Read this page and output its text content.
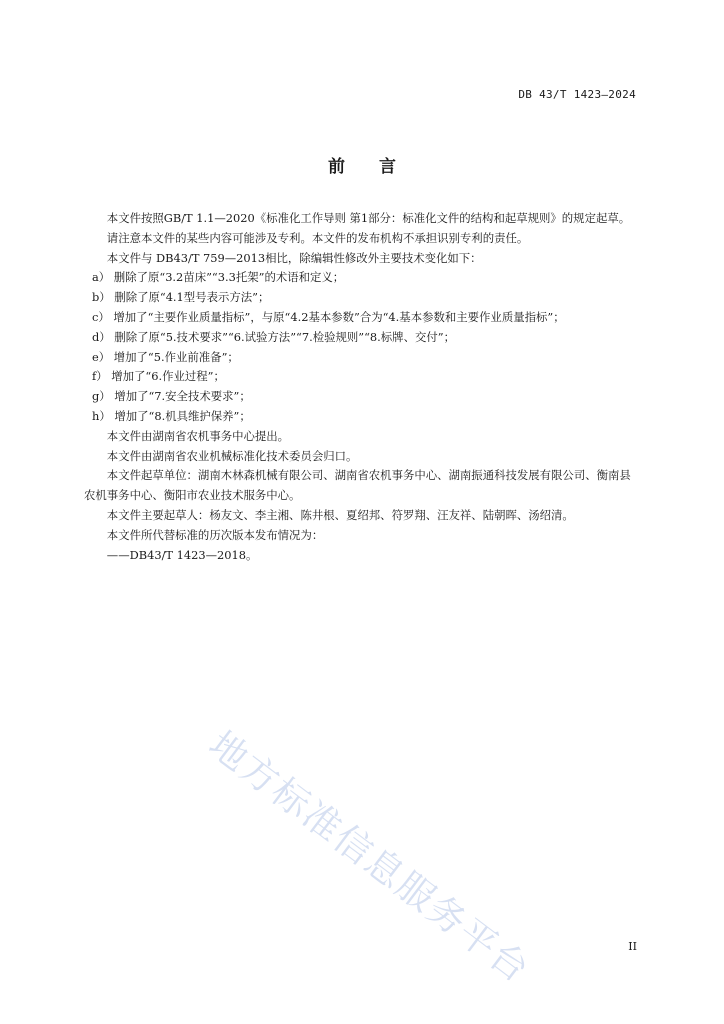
DB 43/T 1423—2024
前 言

本文件按照GB/T 1.1—2020《标准化工作导则 第1部分：标准化文件的结构和起草规则》的规定起草。

请注意本文件的某些内容可能涉及专利。本文件的发布机构不承担识别专利的责任。

本文件与 DB43/T 759—2013相比，除编辑性修改外主要技术变化如下：

a） 删除了原“3.2苗床”“3.3托架”的术语和定义；

b） 删除了原“4.1型号表示方法”；

c） 增加了“主要作业质量指标”，与原“4.2基本参数”合为“4.基本参数和主要作业质量指标”；

d） 删除了原“5.技术要求”“6.试验方法”“7.检验规则”“8.标牌、交付”；

e） 增加了“5.作业前准备”；

f） 增加了“6.作业过程”；

g） 增加了“7.安全技术要求”；

h） 增加了“8.机具维护保养”；

本文件由湖南省农机事务中心提出。

本文件由湖南省农业机械标准化技术委员会归口。

本文件起草单位：湖南木林森机械有限公司、湖南省农机事务中心、湖南振通科技发展有限公司、衡南县农机事务中心、衡阳市农业技术服务中心。

本文件主要起草人：杨友文、李主湘、陈井根、夏绍邦、符罗翔、汪友祥、陆朝晖、汤绍清。

本文件所代替标准的历次版本发布情况为：

——DB43/T 1423—2018。

地方标准信息服务平台	II
